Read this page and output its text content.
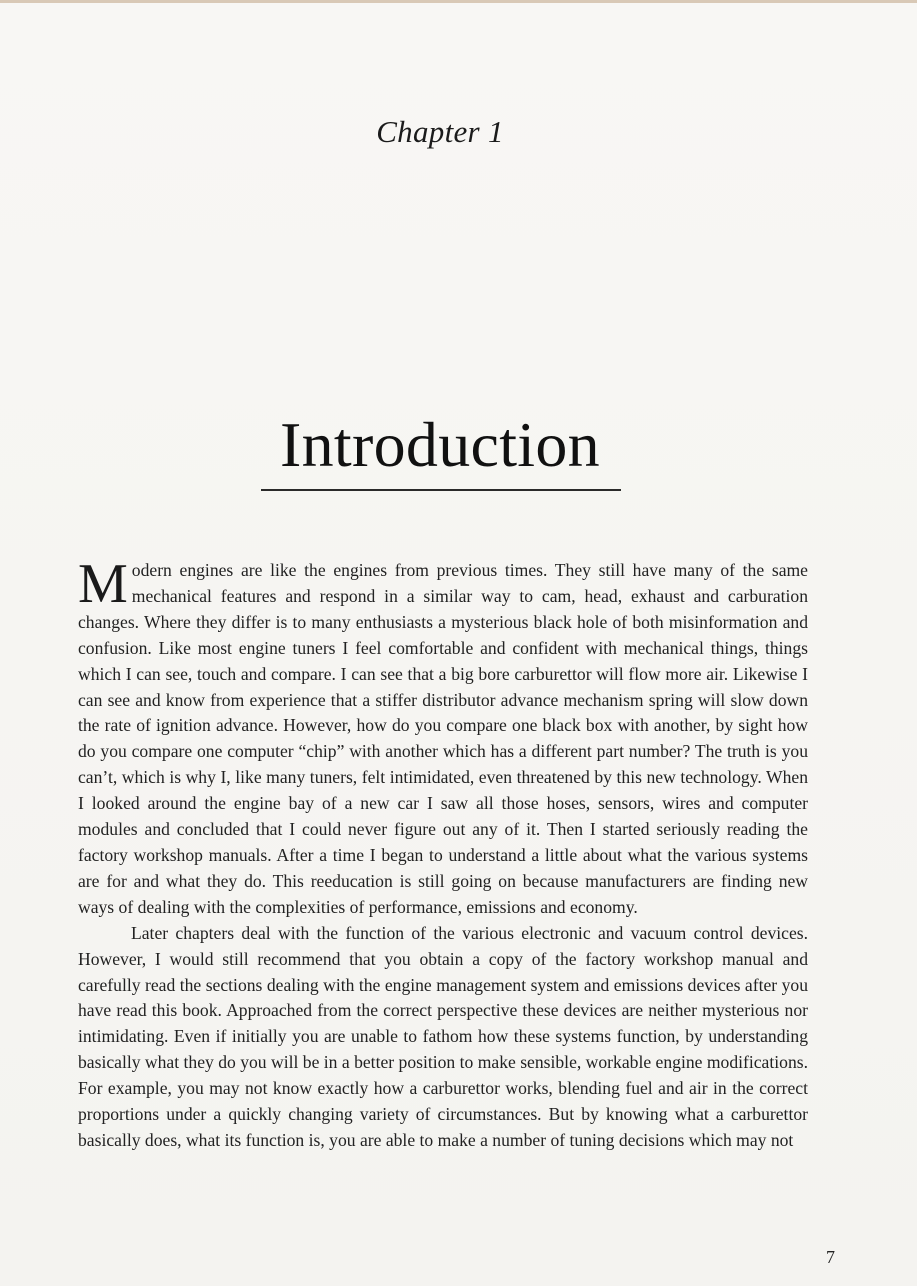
Chapter 1
Introduction

Modern engines are like the engines from previous times. They still have many of the same mechanical features and respond in a similar way to cam, head, exhaust and carburation changes. Where they differ is to many enthusiasts a mysterious black hole of both misinformation and confusion. Like most engine tuners I feel comfortable and confident with mechanical things, things which I can see, touch and compare. I can see that a big bore carburettor will flow more air. Likewise I can see and know from experience that a stiffer distributor advance mechanism spring will slow down the rate of ignition advance. However, how do you compare one black box with another, by sight how do you compare one computer “chip” with another which has a different part number? The truth is you can’t, which is why I, like many tuners, felt intimidated, even threatened by this new technology. When I looked around the engine bay of a new car I saw all those hoses, sensors, wires and computer modules and concluded that I could never figure out any of it. Then I started seriously reading the factory workshop manuals. After a time I began to understand a little about what the various systems are for and what they do. This reeducation is still going on because manufacturers are finding new ways of dealing with the complexities of performance, emissions and economy.

Later chapters deal with the function of the various electronic and vacuum control devices. However, I would still recommend that you obtain a copy of the factory workshop manual and carefully read the sections dealing with the engine management system and emissions devices after you have read this book. Approached from the correct perspective these devices are neither mysterious nor intimidating. Even if initially you are unable to fathom how these systems function, by understanding basically what they do you will be in a better position to make sensible, workable engine modifications. For example, you may not know exactly how a carburettor works, blending fuel and air in the correct proportions under a quickly changing variety of circumstances. But by knowing what a carburettor basically does, what its function is, you are able to make a number of tuning decisions which may not

7
